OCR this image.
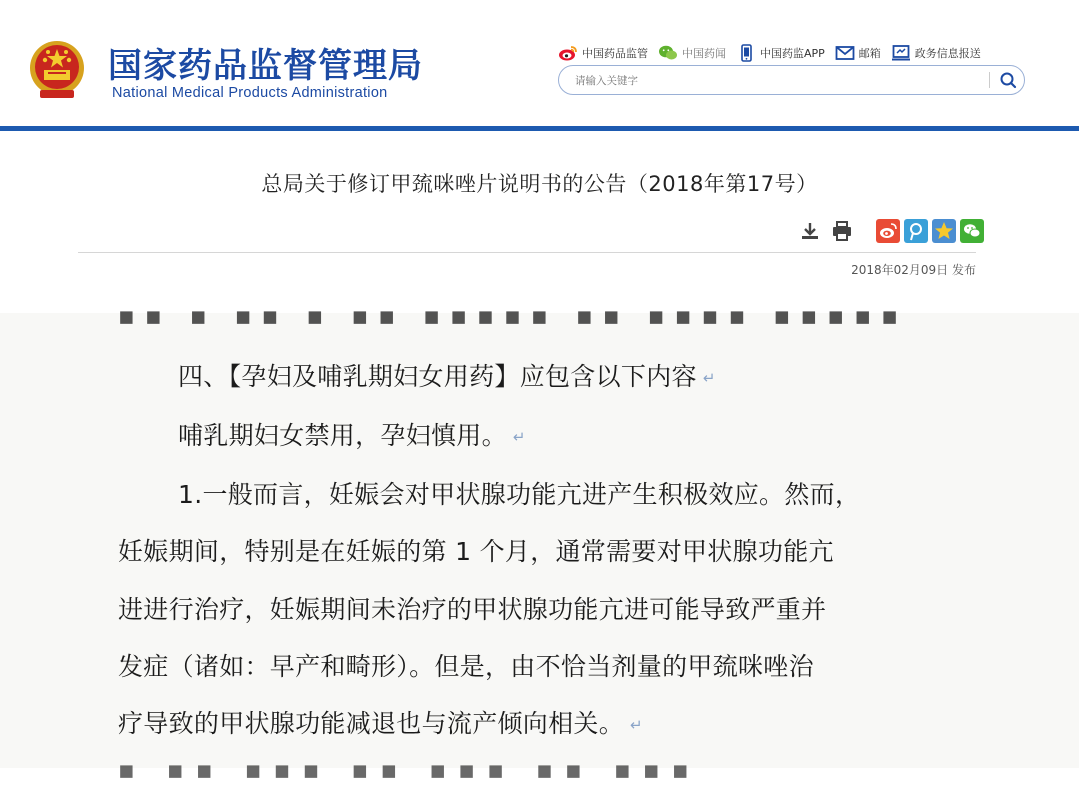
国家药品监督管理局
National Medical Products Administration
中国药品监管	中国药闻	中国药监APP	邮箱	政务信息报送
请输入关键字
总局关于修订甲巯咪唑片说明书的公告（2018年第17号）
2018年02月09日 发布
▪▪ ▪ ▪▪ ▪ ▪▪ ▪▪▪▪▪ ▪▪ ▪▪▪▪ ▪▪▪▪▪
四、【孕妇及哺乳期妇女用药】应包含以下内容 ↵
哺乳期妇女禁用，孕妇慎用。 ↵
1.一般而言，妊娠会对甲状腺功能亢进产生积极效应。然而，
妊娠期间，特别是在妊娠的第 1 个月，通常需要对甲状腺功能亢
进进行治疗，妊娠期间未治疗的甲状腺功能亢进可能导致严重并
发症（诸如：早产和畸形）。但是，由不恰当剂量的甲巯咪唑治
疗导致的甲状腺功能减退也与流产倾向相关。 ↵
▪ ▪▪ ▪▪▪ ▪▪ ▪▪▪ ▪▪ ▪▪▪
